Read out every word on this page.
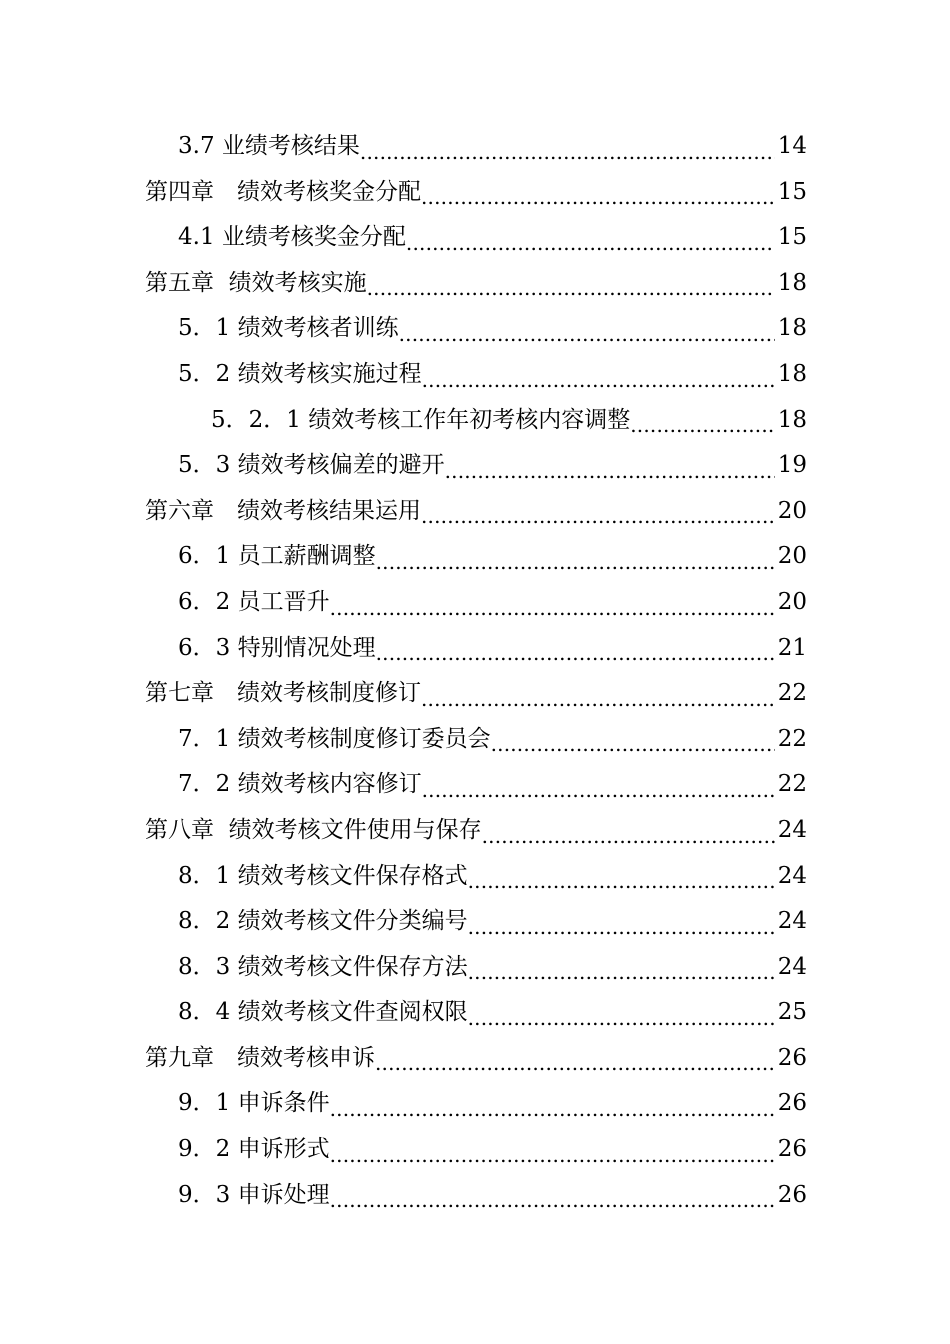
3.7 业绩考核结果 .....	14
第四章　绩效考核奖金分配 .....	15
4.1 业绩考核奖金分配 .....	15
第五章  绩效考核实施 .....	18
5．1 绩效考核者训练 .....	18
5．2 绩效考核实施过程 .....	18
5．2．1 绩效考核工作年初考核内容调整 .....	18
5．3 绩效考核偏差的避开 .....	19
第六章　绩效考核结果运用 .....	20
6．1 员工薪酬调整 .....	20
6．2 员工晋升 .....	20
6．3 特别情况处理 .....	21
第七章　绩效考核制度修订 .....	22
7．1 绩效考核制度修订委员会 .....	22
7．2 绩效考核内容修订 .....	22
第八章  绩效考核文件使用与保存 .....	24
8．1 绩效考核文件保存格式 .....	24
8．2 绩效考核文件分类编号 .....	24
8．3 绩效考核文件保存方法 .....	24
8．4 绩效考核文件查阅权限 .....	25
第九章　绩效考核申诉 .....	26
9．1 申诉条件 .....	26
9．2 申诉形式 .....	26
9．3 申诉处理 .....	26
